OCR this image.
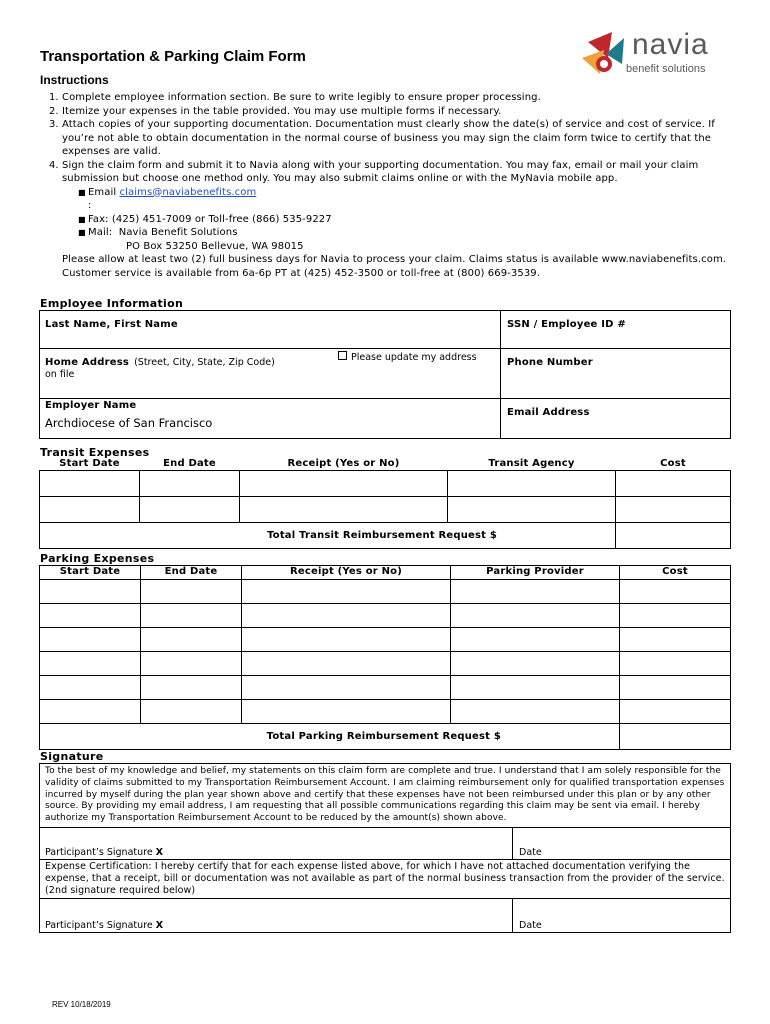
Transportation & Parking Claim Form	navia
benefit solutions
Instructions
1. Complete employee information section. Be sure to write legibly to ensure proper processing.
2. Itemize your expenses in the table provided. You may use multiple forms if necessary.
3. Attach copies of your supporting documentation. Documentation must clearly show the date(s) of service and cost of service. If you’re not able to obtain documentation in the normal course of business you may sign the claim form twice to certify that the expenses are valid.
4. Sign the claim form and submit it to Navia along with your supporting documentation. You may fax, email or mail your claim submission but choose one method only. You may also submit claims online or with the MyNavia mobile app.
■ Email claims@naviabenefits.com
:
■ Fax: (425) 451-7009 or Toll-free (866) 535-9227
■ Mail: Navia Benefit Solutions
PO Box 53250 Bellevue, WA 98015
Please allow at least two (2) full business days for Navia to process your claim. Claims status is available www.naviabenefits.com. Customer service is available from 6a-6p PT at (425) 452-3500 or toll-free at (800) 669-3539.
Employee Information
Last Name, First Name	SSN / Employee ID #
Home Address (Street, City, State, Zip Code)
on file
Please update my address	Phone Number

Employer Name
Archdiocese of San Francisco	Email Address
Transit Expenses
Start Date	End Date	Receipt (Yes or No)	Transit Agency	Cost

Total Transit Reimbursement Request $				
Parking Expenses
Start Date	End Date	Receipt (Yes or No)	Parking Provider	Cost

Total Parking Reimbursement Request $				
Signature
To the best of my knowledge and belief, my statements on this claim form are complete and true. I understand that I am solely responsible for the validity of claims submitted to my Transportation Reimbursement Account. I am claiming reimbursement only for qualified transportation expenses incurred by myself during the plan year shown above and certify that these expenses have not been reimbursed under this plan or by any other source. By providing my email address, I am requesting that all possible communications regarding this claim may be sent via email. I hereby authorize my Transportation Reimbursement Account to be reduced by the amount(s) shown above.	
Participant’s Signature X	Date
Expense Certification: I hereby certify that for each expense listed above, for which I have not attached documentation verifying the expense, that a receipt, bill or documentation was not available as part of the normal business transaction from the provider of the service. (2nd signature required below)	
Participant’s Signature X	Date
REV 10/18/2019
